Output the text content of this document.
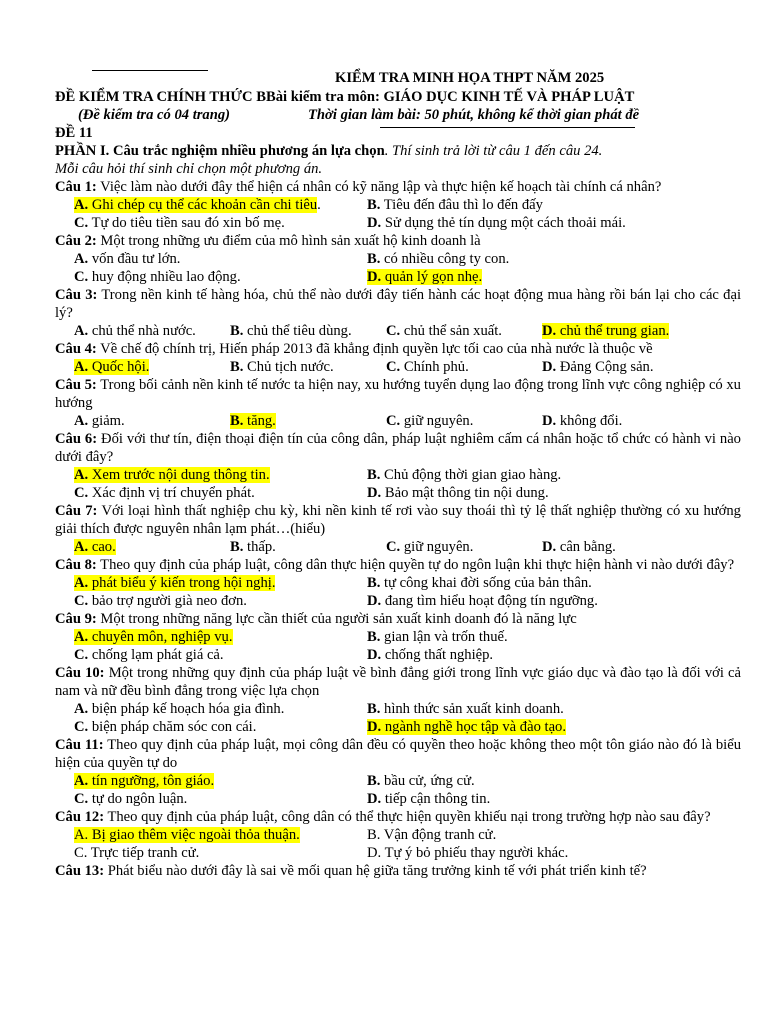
KIỂM TRA MINH HỌA THPT NĂM 2025
ĐỀ KIỂM TRA CHÍNH THỨC BBài kiểm tra môn: GIÁO DỤC KINH TẾ VÀ PHÁP LUẬT
(Đề kiểm tra có 04 trang)	Thời gian làm bài: 50 phút, không kể thời gian phát đề
ĐỀ 11
PHẦN I. Câu trắc nghiệm nhiều phương án lựa chọn. Thí sinh trả lời từ câu 1 đến câu 24.
Mỗi câu hỏi thí sinh chỉ chọn một phương án.
Câu 1: Việc làm nào dưới đây thể hiện cá nhân có kỹ năng lập và thực hiện kế hoạch tài chính cá nhân?
A. Ghi chép cụ thể các khoản cần chi tiêu.	B. Tiêu đến đâu thì lo đến đấy
C. Tự do tiêu tiền sau đó xin bố mẹ.	D. Sử dụng thẻ tín dụng một cách thoải mái.
Câu 2: Một trong những ưu điểm của mô hình sản xuất hộ kinh doanh là
A. vốn đầu tư lớn.	B. có nhiều công ty con.
C. huy động nhiều lao động.	D. quản lý gọn nhẹ.
Câu 3: Trong nền kinh tế hàng hóa, chủ thể nào dưới đây tiến hành các hoạt động mua hàng rồi bán lại cho các đại lý?
A. chủ thể nhà nước.	B. chủ thể tiêu dùng.	C. chủ thể sản xuất.	D. chủ thể trung gian.
Câu 4: Về chế độ chính trị, Hiến pháp 2013 đã khẳng định quyền lực tối cao của nhà nước là thuộc về
A. Quốc hội.	B. Chủ tịch nước.	C. Chính phủ.	D. Đảng Cộng sản.
Câu 5: Trong bối cảnh nền kinh tế nước ta hiện nay, xu hướng tuyển dụng lao động trong lĩnh vực công nghiệp có xu hướng
A. giảm.	B. tăng.	C. giữ nguyên.	D. không đổi.
Câu 6: Đối với thư tín, điện thoại điện tín của công dân, pháp luật nghiêm cấm cá nhân hoặc tổ chức có hành vi nào dưới đây?
A. Xem trước nội dung thông tin.	B. Chủ động thời gian giao hàng.
C. Xác định vị trí chuyển phát.	D. Bảo mật thông tin nội dung.
Câu 7: Với loại hình thất nghiệp chu kỳ, khi nền kinh tế rơi vào suy thoái thì tỷ lệ thất nghiệp thường có xu hướng giải thích được nguyên nhân lạm phát…(hiểu)
A. cao.	B. thấp.	C. giữ nguyên.	D. cân bằng.
Câu 8: Theo quy định của pháp luật, công dân thực hiện quyền tự do ngôn luận khi thực hiện hành vi nào dưới đây?
A. phát biểu ý kiến trong hội nghị.	B. tự công khai đời sống của bản thân.
C. bảo trợ người già neo đơn.	D. đang tìm hiểu hoạt động tín ngưỡng.
Câu 9: Một trong những năng lực cần thiết của người sản xuất kinh doanh đó là năng lực
A. chuyên môn, nghiệp vụ.	B. gian lận và trốn thuế.
C. chống lạm phát giá cả.	D. chống thất nghiệp.
Câu 10: Một trong những quy định của pháp luật về bình đẳng giới trong lĩnh vực giáo dục và đào tạo là đối với cả nam và nữ đều bình đẳng trong việc lựa chọn
A. biện pháp kế hoạch hóa gia đình.	B. hình thức sản xuất kinh doanh.
C. biện pháp chăm sóc con cái.	D. ngành nghề học tập và đào tạo.
Câu 11: Theo quy định của pháp luật, mọi công dân đều có quyền theo hoặc không theo một tôn giáo nào đó là biểu hiện của quyền tự do
A. tín ngưỡng, tôn giáo.	B. bầu cử, ứng cử.
C. tự do ngôn luận.	D. tiếp cận thông tin.
Câu 12: Theo quy định của pháp luật, công dân có thể thực hiện quyền khiếu nại trong trường hợp nào sau đây?
A. Bị giao thêm việc ngoài thỏa thuận.	B. Vận động tranh cử.
C. Trực tiếp tranh cử.	D. Tự ý bỏ phiếu thay người khác.
Câu 13: Phát biểu nào dưới đây là sai về mối quan hệ giữa tăng trưởng kinh tế với phát triển kinh tế?
